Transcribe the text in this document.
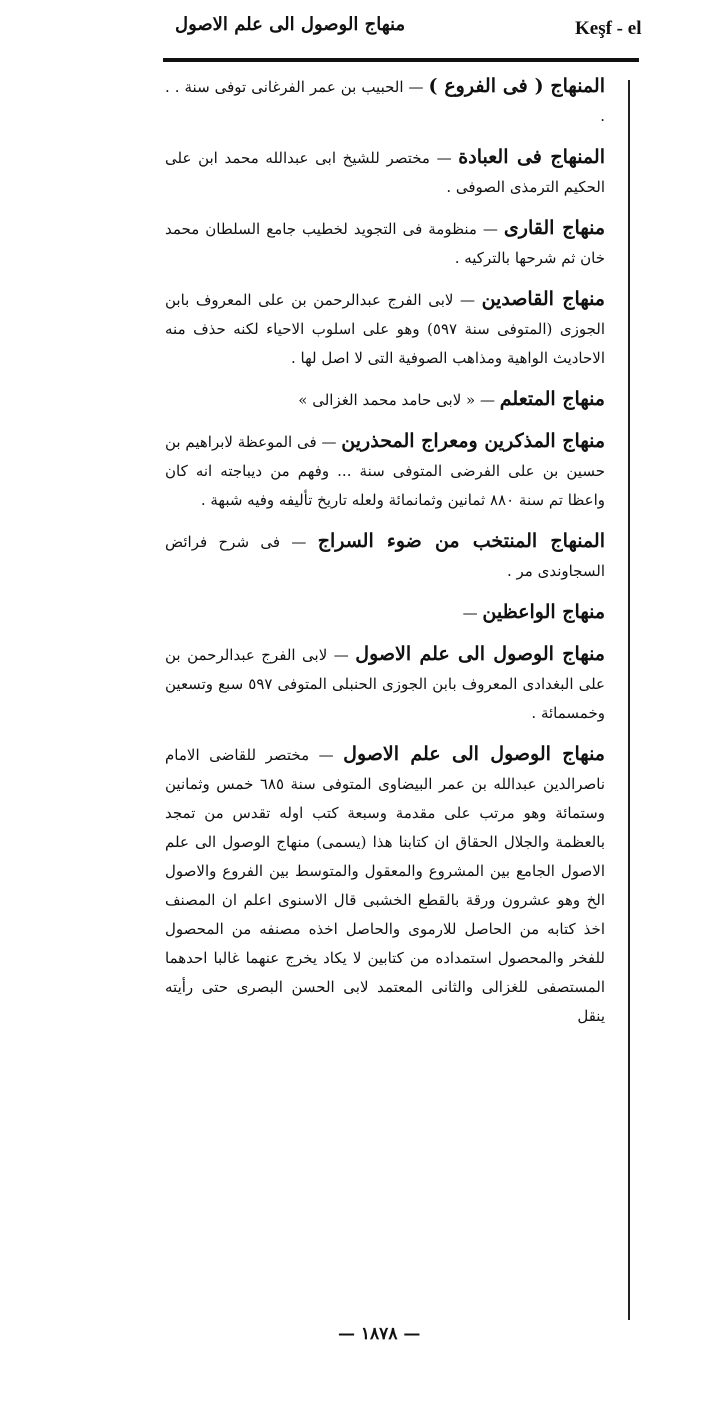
منهاج الوصول الى علم الاصول	Keşf - el

المنهاج ( فى الفروع ) — الحبيب بن عمر الفرغانى توفى سنة . . .

المنهاج فى العبادة — مختصر للشيخ ابى عبدالله محمد ابن على الحكيم الترمذى الصوفى .

منهاج القارى — منظومة فى التجويد لخطيب جامع السلطان محمد خان ثم شرحها بالتركيه .

منهاج القاصدين — لابى الفرج عبدالرحمن بن على المعروف بابن الجوزى (المتوفى سنة ٥٩٧) وهو على اسلوب الاحياء لكنه حذف منه الاحاديث الواهية ومذاهب الصوفية التى لا اصل لها .

منهاج المتعلم — « لابى حامد محمد الغزالى »

منهاج المذكرين ومعراج المحذرين — فى الموعظة لابراهيم بن حسين بن على الفرضى المتوفى سنة ... وفهم من ديباجته انه كان واعظا تم سنة ٨٨٠ ثمانين وثمانمائة ولعله تاريخ تأليفه وفيه شبهة .

المنهاج المنتخب من ضوء السراج — فى شرح فرائض السجاوندى مر .

منهاج الواعظين —

منهاج الوصول الى علم الاصول — لابى الفرج عبدالرحمن بن على البغدادى المعروف بابن الجوزى الحنبلى المتوفى ٥٩٧ سبع وتسعين وخمسمائة .

منهاج الوصول الى علم الاصول — مختصر للقاضى الامام ناصرالدين عبدالله بن عمر البيضاوى المتوفى سنة ٦٨٥ خمس وثمانين وستمائة وهو مرتب على مقدمة وسبعة كتب اوله تقدس من تمجد بالعظمة والجلال الحقاق ان كتابنا هذا (يسمى) منهاج الوصول الى علم الاصول الجامع بين المشروع والمعقول والمتوسط بين الفروع والاصول الخ وهو عشرون ورقة بالقطع الخشبى قال الاسنوى اعلم ان المصنف اخذ كتابه من الحاصل للارموى والحاصل اخذه مصنفه من المحصول للفخر والمحصول استمداده من كتابين لا يكاد يخرج عنهما غالبا احدهما المستصفى للغزالى والثانى المعتمد لابى الحسن البصرى حتى رأيته ينقل

— ١٨٧٨ —
